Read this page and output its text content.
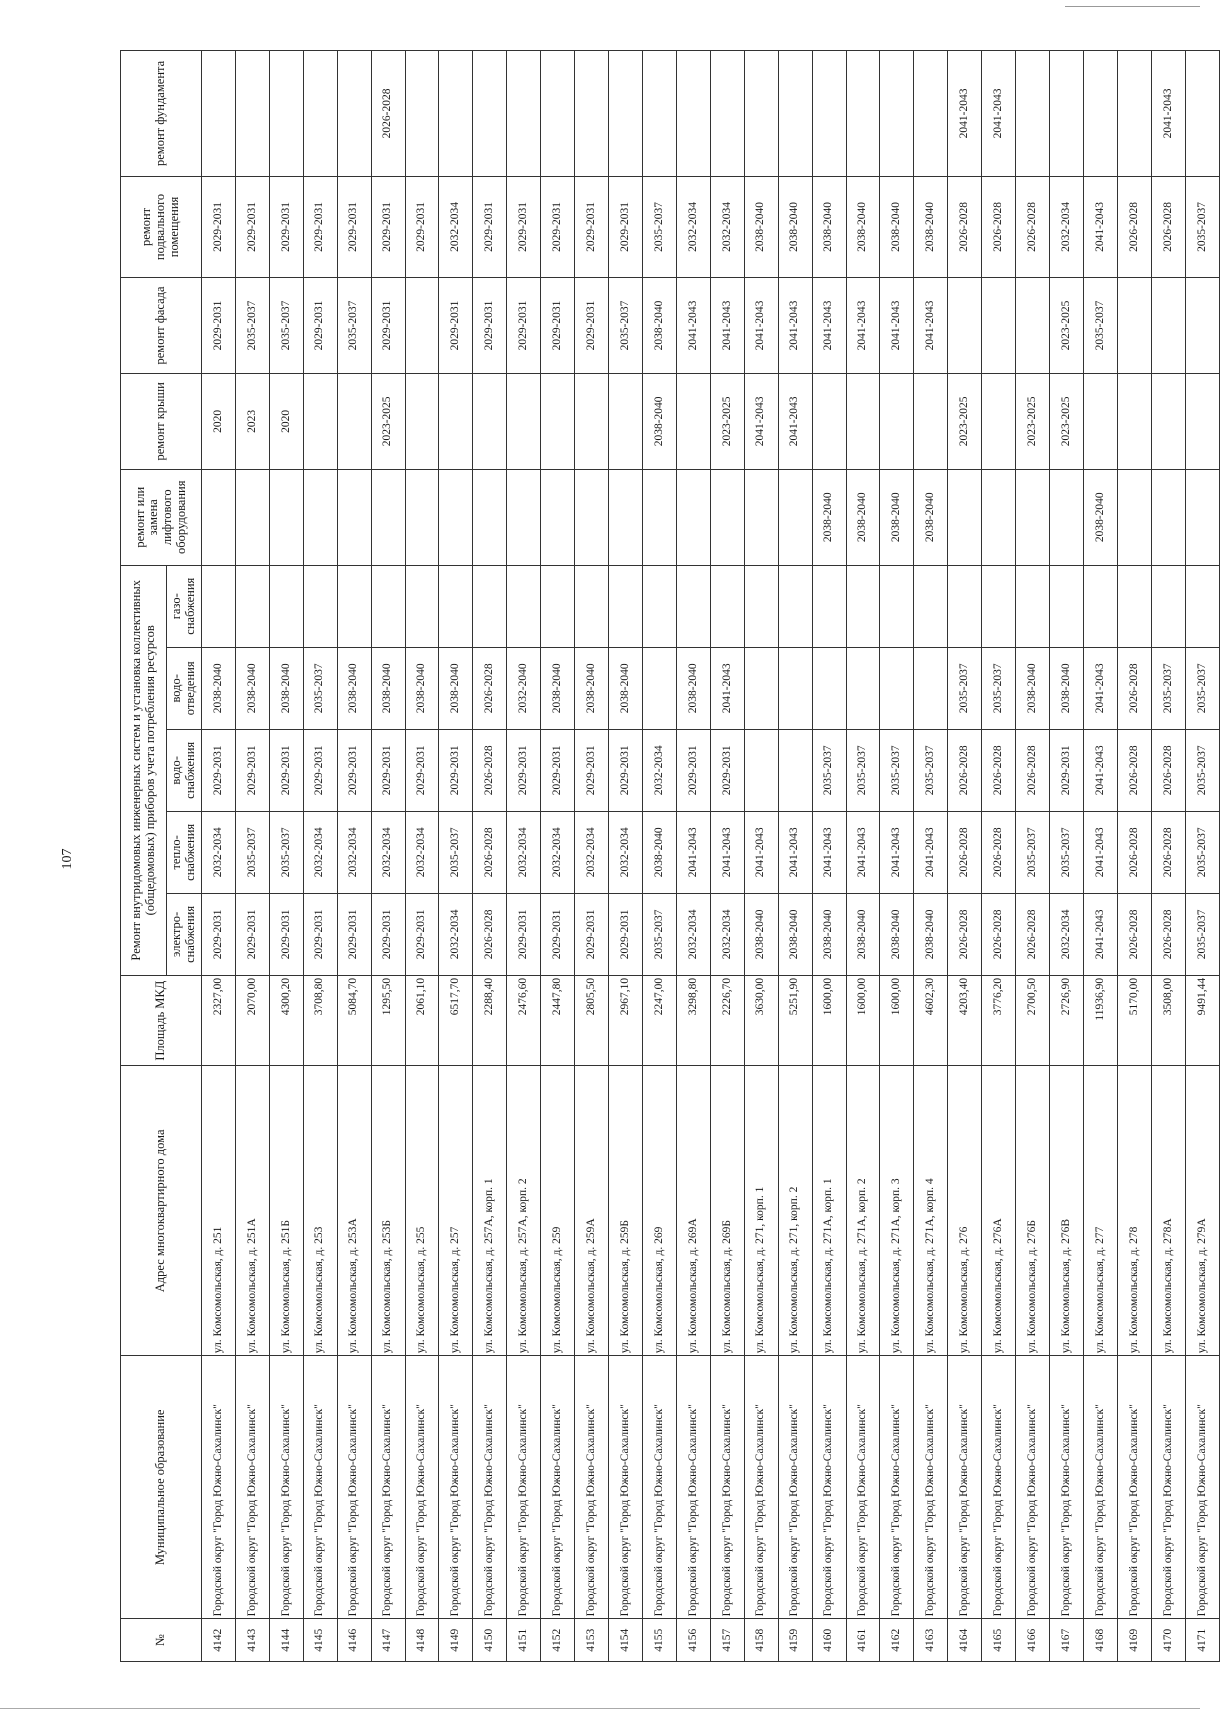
107
№	Муниципальное образование	Адрес многоквартирного дома	Площадь МКД	Ремонт внутридомовых инженерных систем и установка коллективных (общедомовых) приборов учета потребления ресурсов					ремонт или замена лифтового оборудования	ремонт крыши	ремонт фасада	ремонт подвального помещения	ремонт фундамента
				электро-снабжения	тепло-снабжения	водо-снабжения	водо-отведения	газо-снабжения					
4142	Городской округ "Город Южно-Сахалинск"	ул. Комсомольская, д. 251	2327,00	2029-2031	2032-2034	2029-2031	2038-2040			2020	2029-2031	2029-2031	
4143	Городской округ "Город Южно-Сахалинск"	ул. Комсомольская, д. 251А	2070,00	2029-2031	2035-2037	2029-2031	2038-2040			2023	2035-2037	2029-2031	
4144	Городской округ "Город Южно-Сахалинск"	ул. Комсомольская, д. 251Б	4300,20	2029-2031	2035-2037	2029-2031	2038-2040			2020	2035-2037	2029-2031	
4145	Городской округ "Город Южно-Сахалинск"	ул. Комсомольская, д. 253	3708,80	2029-2031	2032-2034	2029-2031	2035-2037				2029-2031	2029-2031	
4146	Городской округ "Город Южно-Сахалинск"	ул. Комсомольская, д. 253А	5084,70	2029-2031	2032-2034	2029-2031	2038-2040				2035-2037	2029-2031	
4147	Городской округ "Город Южно-Сахалинск"	ул. Комсомольская, д. 253Б	1295,50	2029-2031	2032-2034	2029-2031	2038-2040			2023-2025	2029-2031	2029-2031	2026-2028
4148	Городской округ "Город Южно-Сахалинск"	ул. Комсомольская, д. 255	2061,10	2029-2031	2032-2034	2029-2031	2038-2040					2029-2031	
4149	Городской округ "Город Южно-Сахалинск"	ул. Комсомольская, д. 257	6517,70	2032-2034	2035-2037	2029-2031	2038-2040				2029-2031	2032-2034	
4150	Городской округ "Город Южно-Сахалинск"	ул. Комсомольская, д. 257А, корп. 1	2288,40	2026-2028	2026-2028	2026-2028	2026-2028				2029-2031	2029-2031	
4151	Городской округ "Город Южно-Сахалинск"	ул. Комсомольская, д. 257А, корп. 2	2476,60	2029-2031	2032-2034	2029-2031	2032-2040				2029-2031	2029-2031	
4152	Городской округ "Город Южно-Сахалинск"	ул. Комсомольская, д. 259	2447,80	2029-2031	2032-2034	2029-2031	2038-2040				2029-2031	2029-2031	
4153	Городской округ "Город Южно-Сахалинск"	ул. Комсомольская, д. 259А	2805,50	2029-2031	2032-2034	2029-2031	2038-2040				2029-2031	2029-2031	
4154	Городской округ "Город Южно-Сахалинск"	ул. Комсомольская, д. 259Б	2967,10	2029-2031	2032-2034	2029-2031	2038-2040				2035-2037	2029-2031	
4155	Городской округ "Город Южно-Сахалинск"	ул. Комсомольская, д. 269	2247,00	2035-2037	2038-2040	2032-2034				2038-2040	2038-2040	2035-2037	
4156	Городской округ "Город Южно-Сахалинск"	ул. Комсомольская, д. 269А	3298,80	2032-2034	2041-2043	2029-2031	2038-2040				2041-2043	2032-2034	
4157	Городской округ "Город Южно-Сахалинск"	ул. Комсомольская, д. 269Б	2226,70	2032-2034	2041-2043	2029-2031	2041-2043			2023-2025	2041-2043	2032-2034	
4158	Городской округ "Город Южно-Сахалинск"	ул. Комсомольская, д. 271, корп. 1	3630,00	2038-2040	2041-2043					2041-2043	2041-2043	2038-2040	
4159	Городской округ "Город Южно-Сахалинск"	ул. Комсомольская, д. 271, корп. 2	5251,90	2038-2040	2041-2043					2041-2043	2041-2043	2038-2040	
4160	Городской округ "Город Южно-Сахалинск"	ул. Комсомольская, д. 271А, корп. 1	1600,00	2038-2040	2041-2043	2035-2037			2038-2040		2041-2043	2038-2040	
4161	Городской округ "Город Южно-Сахалинск"	ул. Комсомольская, д. 271А, корп. 2	1600,00	2038-2040	2041-2043	2035-2037			2038-2040		2041-2043	2038-2040	
4162	Городской округ "Город Южно-Сахалинск"	ул. Комсомольская, д. 271А, корп. 3	1600,00	2038-2040	2041-2043	2035-2037			2038-2040		2041-2043	2038-2040	
4163	Городской округ "Город Южно-Сахалинск"	ул. Комсомольская, д. 271А, корп. 4	4602,30	2038-2040	2041-2043	2035-2037			2038-2040		2041-2043	2038-2040	
4164	Городской округ "Город Южно-Сахалинск"	ул. Комсомольская, д. 276	4203,40	2026-2028	2026-2028	2026-2028	2035-2037			2023-2025		2026-2028	2041-2043
4165	Городской округ "Город Южно-Сахалинск"	ул. Комсомольская, д. 276А	3776,20	2026-2028	2026-2028	2026-2028	2035-2037					2026-2028	2041-2043
4166	Городской округ "Город Южно-Сахалинск"	ул. Комсомольская, д. 276Б	2700,50	2026-2028	2035-2037	2026-2028	2038-2040			2023-2025		2026-2028	
4167	Городской округ "Город Южно-Сахалинск"	ул. Комсомольская, д. 276В	2726,90	2032-2034	2035-2037	2029-2031	2038-2040			2023-2025	2023-2025	2032-2034	
4168	Городской округ "Город Южно-Сахалинск"	ул. Комсомольская, д. 277	11936,90	2041-2043	2041-2043	2041-2043	2041-2043		2038-2040		2035-2037	2041-2043	
4169	Городской округ "Город Южно-Сахалинск"	ул. Комсомольская, д. 278	5170,00	2026-2028	2026-2028	2026-2028	2026-2028					2026-2028	
4170	Городской округ "Город Южно-Сахалинск"	ул. Комсомольская, д. 278А	3508,00	2026-2028	2026-2028	2026-2028	2035-2037					2026-2028	2041-2043
4171	Городской округ "Город Южно-Сахалинск"	ул. Комсомольская, д. 279А	9491,44	2035-2037	2035-2037	2035-2037	2035-2037					2035-2037	
